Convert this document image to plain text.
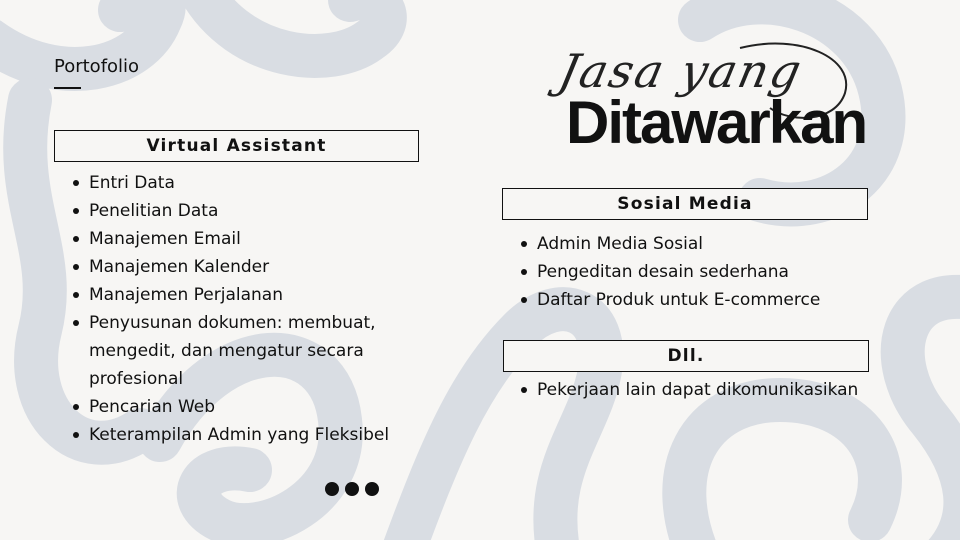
Portofolio	Jasa yang
Ditawarkan
Virtual Assistant
Entri Data
Penelitian Data
Manajemen Email
Manajemen Kalender
Manajemen Perjalanan
Penyusunan dokumen: membuat, mengedit, dan mengatur secara profesional
Pencarian Web
Keterampilan Admin yang Fleksibel
Sosial Media
Admin Media Sosial
Pengeditan desain sederhana
Daftar Produk untuk E-commerce
Dll.
Pekerjaan lain dapat dikomunikasikan
